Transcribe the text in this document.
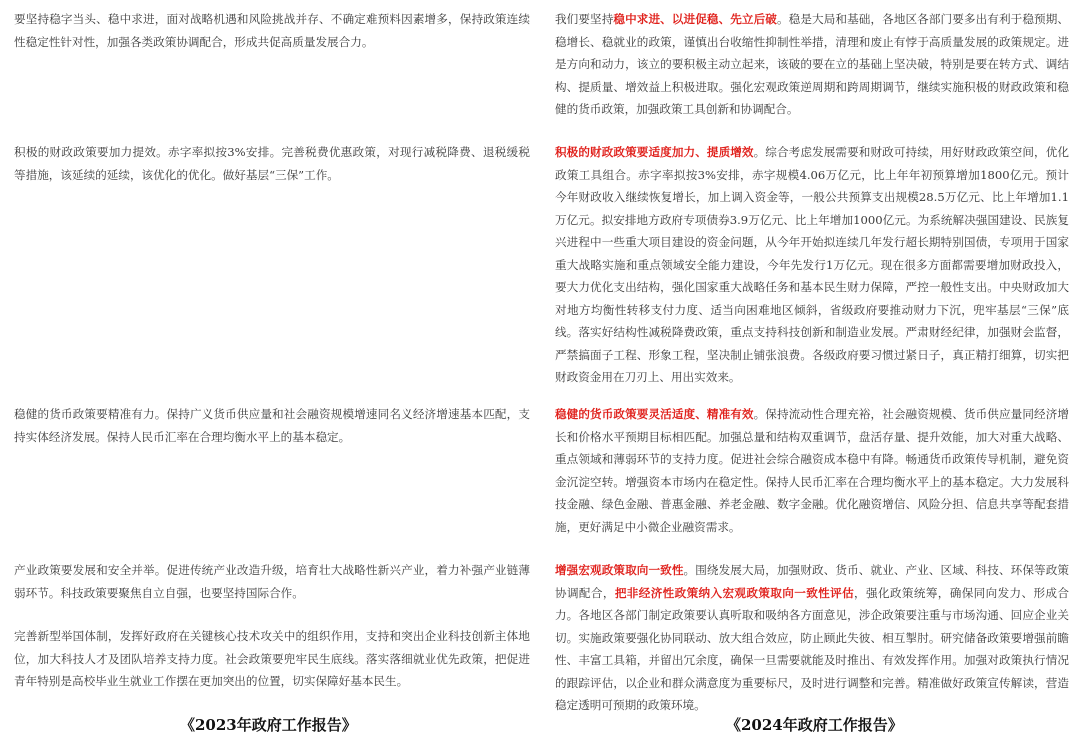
要坚持稳字当头、稳中求进，面对战略机遇和风险挑战并存、不确定难预料因素增多，保持政策连续性稳定性针对性，加强各类政策协调配合，形成共促高质量发展合力。

积极的财政政策要加力提效。赤字率拟按3%安排。完善税费优惠政策，对现行减税降费、退税缓税等措施，该延续的延续，该优化的优化。做好基层“三保”工作。

稳健的货币政策要精准有力。保持广义货币供应量和社会融资规模增速同名义经济增速基本匹配，支持实体经济发展。保持人民币汇率在合理均衡水平上的基本稳定。

产业政策要发展和安全并举。促进传统产业改造升级，培育壮大战略性新兴产业，着力补强产业链薄弱环节。科技政策要聚焦自立自强，也要坚持国际合作。

完善新型举国体制，发挥好政府在关键核心技术攻关中的组织作用，支持和突出企业科技创新主体地位，加大科技人才及团队培养支持力度。社会政策要兜牢民生底线。落实落细就业优先政策，把促进青年特别是高校毕业生就业工作摆在更加突出的位置，切实保障好基本民生。

我们要坚持稳中求进、以进促稳、先立后破。稳是大局和基础，各地区各部门要多出有利于稳预期、稳增长、稳就业的政策，谨慎出台收缩性抑制性举措，清理和废止有悖于高质量发展的政策规定。进是方向和动力，该立的要积极主动立起来，该破的要在立的基础上坚决破，特别是要在转方式、调结构、提质量、增效益上积极进取。强化宏观政策逆周期和跨周期调节，继续实施积极的财政政策和稳健的货币政策，加强政策工具创新和协调配合。

积极的财政政策要适度加力、提质增效。综合考虑发展需要和财政可持续，用好财政政策空间，优化政策工具组合。赤字率拟按3%安排，赤字规模4.06万亿元，比上年年初预算增加1800亿元。预计今年财政收入继续恢复增长，加上调入资金等，一般公共预算支出规模28.5万亿元、比上年增加1.1万亿元。拟安排地方政府专项债券3.9万亿元、比上年增加1000亿元。为系统解决强国建设、民族复兴进程中一些重大项目建设的资金问题，从今年开始拟连续几年发行超长期特别国债，专项用于国家重大战略实施和重点领域安全能力建设，今年先发行1万亿元。现在很多方面都需要增加财政投入，要大力优化支出结构，强化国家重大战略任务和基本民生财力保障，严控一般性支出。中央财政加大对地方均衡性转移支付力度、适当向困难地区倾斜，省级政府要推动财力下沉，兜牢基层“三保”底线。落实好结构性减税降费政策，重点支持科技创新和制造业发展。严肃财经纪律，加强财会监督，严禁搞面子工程、形象工程，坚决制止铺张浪费。各级政府要习惯过紧日子，真正精打细算，切实把财政资金用在刀刃上、用出实效来。

稳健的货币政策要灵活适度、精准有效。保持流动性合理充裕，社会融资规模、货币供应量同经济增长和价格水平预期目标相匹配。加强总量和结构双重调节，盘活存量、提升效能，加大对重大战略、重点领域和薄弱环节的支持力度。促进社会综合融资成本稳中有降。畅通货币政策传导机制，避免资金沉淀空转。增强资本市场内在稳定性。保持人民币汇率在合理均衡水平上的基本稳定。大力发展科技金融、绿色金融、普惠金融、养老金融、数字金融。优化融资增信、风险分担、信息共享等配套措施，更好满足中小微企业融资需求。

增强宏观政策取向一致性。围绕发展大局，加强财政、货币、就业、产业、区域、科技、环保等政策协调配合，把非经济性政策纳入宏观政策取向一致性评估，强化政策统筹，确保同向发力、形成合力。各地区各部门制定政策要认真听取和吸纳各方面意见，涉企政策要注重与市场沟通、回应企业关切。实施政策要强化协同联动、放大组合效应，防止顾此失彼、相互掣肘。研究储备政策要增强前瞻性、丰富工具箱，并留出冗余度，确保一旦需要就能及时推出、有效发挥作用。加强对政策执行情况的跟踪评估，以企业和群众满意度为重要标尺，及时进行调整和完善。精准做好政策宣传解读，营造稳定透明可预期的政策环境。

《2023年政府工作报告》	《2024年政府工作报告》
